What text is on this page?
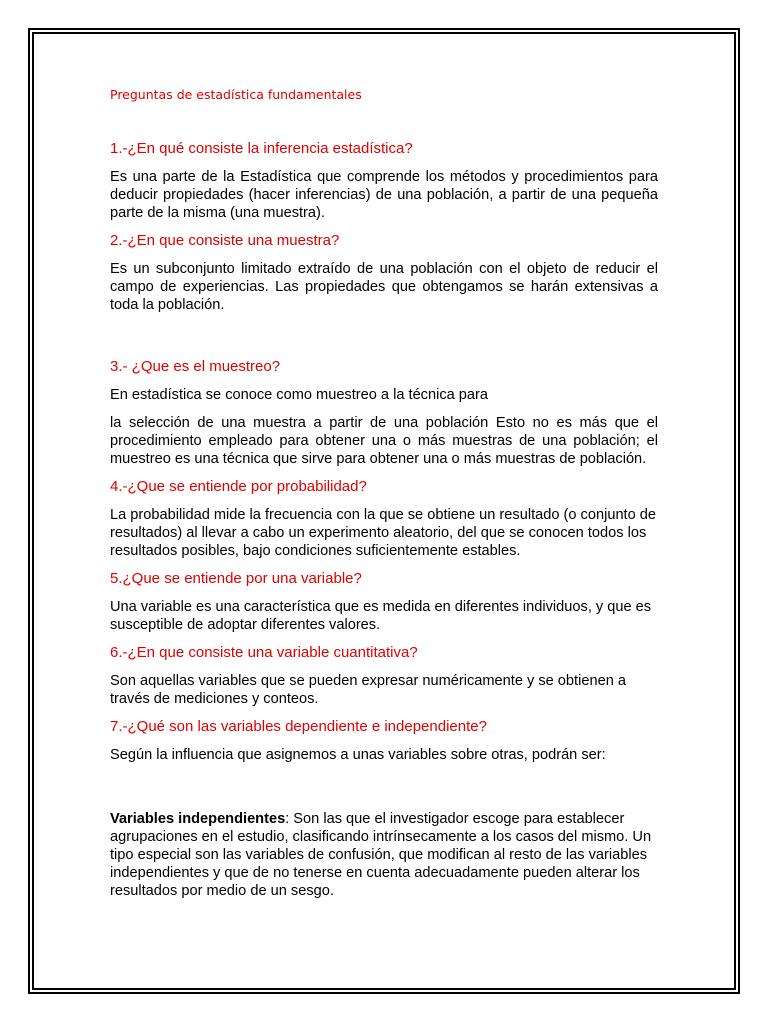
Preguntas de estadística fundamentales
1.-¿En qué consiste la inferencia estadística?

Es una parte de la Estadística que comprende los métodos y procedimientos para deducir propiedades (hacer inferencias) de una población, a partir de una pequeña parte de la misma (una muestra).

2.-¿En que consiste una muestra?

Es un subconjunto limitado extraído de una población con el objeto de reducir el campo de experiencias. Las propiedades que obtengamos se harán extensivas a toda la población.

3.- ¿Que es el muestreo?

En estadística se conoce como muestreo a la técnica para

la selección de una muestra a partir de una población Esto no es más que el procedimiento empleado para obtener una o más muestras de una población; el muestreo es una técnica que sirve para obtener una o más muestras de población.

4.-¿Que se entiende por probabilidad?

La probabilidad mide la frecuencia con la que se obtiene un resultado (o conjunto de resultados) al llevar a cabo un experimento aleatorio, del que se conocen todos los resultados posibles, bajo condiciones suficientemente estables.

5.¿Que se entiende por una variable?

Una variable es una característica que es medida en diferentes individuos, y que es susceptible de adoptar diferentes valores.

6.-¿En que consiste una variable cuantitativa?

Son aquellas variables que se pueden expresar numéricamente y se obtienen a través de mediciones y conteos.

7.-¿Qué son las variables dependiente e independiente?

Según la influencia que asignemos a unas variables sobre otras, podrán ser:

Variables independientes: Son las que el investigador escoge para establecer agrupaciones en el estudio, clasificando intrínsecamente a los casos del mismo. Un tipo especial son las variables de confusión, que modifican al resto de las variables independientes y que de no tenerse en cuenta adecuadamente pueden alterar los resultados por medio de un sesgo.
